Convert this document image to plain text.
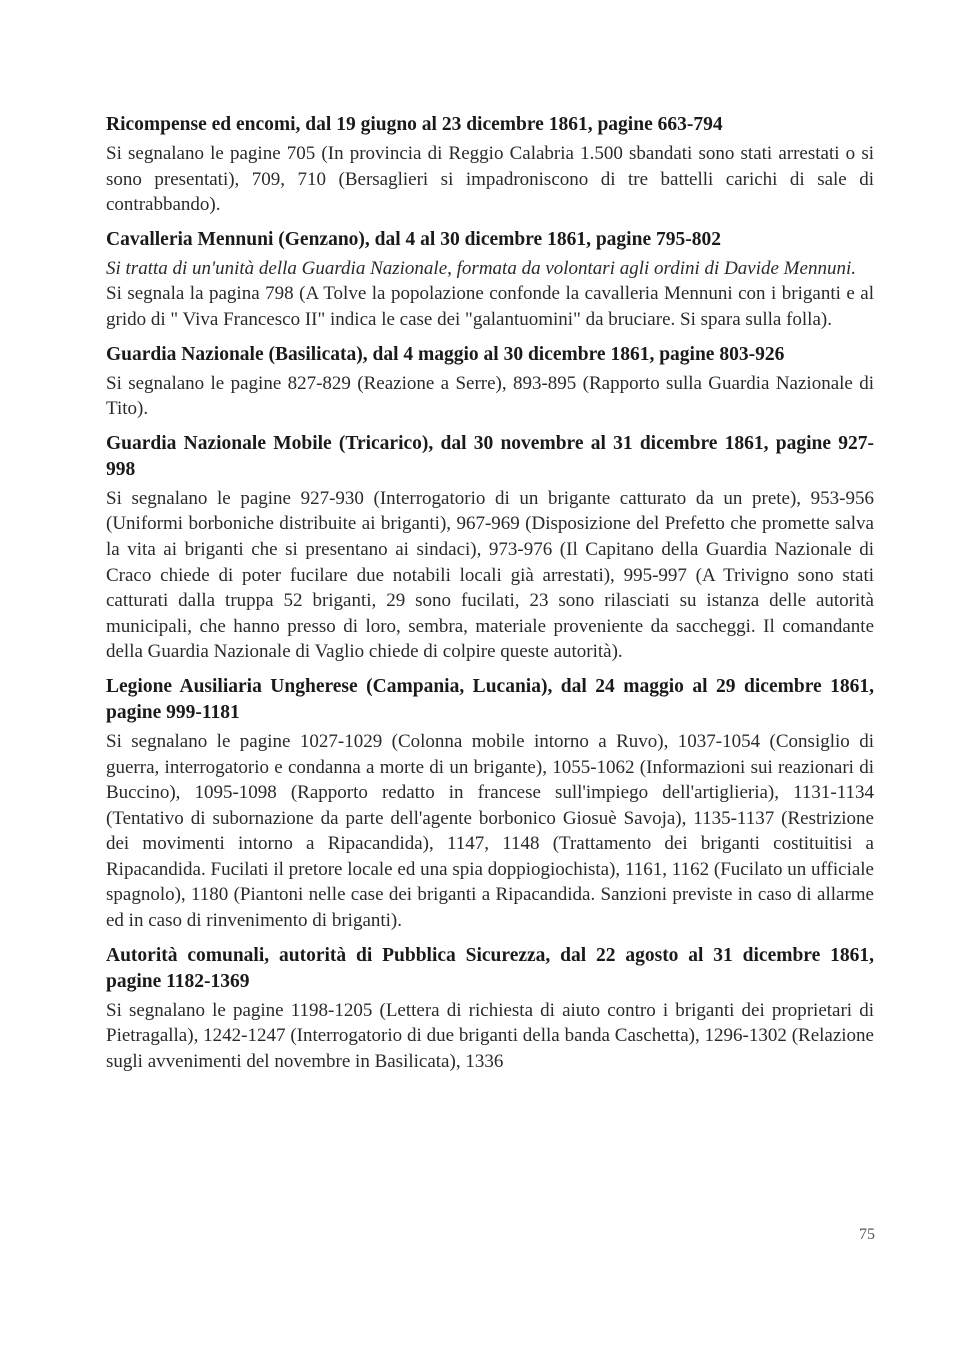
Ricompense ed encomi, dal 19 giugno al 23 dicembre 1861, pagine 663-794

Si segnalano le pagine 705 (In provincia di Reggio Calabria 1.500 sbandati sono stati arrestati o si sono presentati), 709, 710 (Bersaglieri si impadroniscono di tre battelli carichi di sale di contrabbando).

Cavalleria Mennuni (Genzano), dal 4 al 30 dicembre 1861, pagine 795-802

Si tratta di un'unità della Guardia Nazionale, formata da volontari agli ordini di Davide Mennuni.

Si segnala la pagina 798 (A Tolve la popolazione confonde la cavalleria Mennuni con i briganti e al grido di " Viva Francesco II" indica le case dei "galantuomini" da bruciare. Si spara sulla folla).

Guardia Nazionale (Basilicata), dal 4 maggio al 30 dicembre 1861, pagine 803-926

Si segnalano le pagine 827-829 (Reazione a Serre), 893-895 (Rapporto sulla Guardia Nazionale di Tito).

Guardia Nazionale Mobile (Tricarico), dal 30 novembre al 31 dicembre 1861, pagine 927-998

Si segnalano le pagine 927-930 (Interrogatorio di un brigante catturato da un prete), 953-956 (Uniformi borboniche distribuite ai briganti), 967-969 (Disposizione del Prefetto che promette salva la vita ai briganti che si presentano ai sindaci), 973-976 (Il Capitano della Guardia Nazionale di Craco chiede di poter fucilare due notabili locali già arrestati), 995-997 (A Trivigno sono stati catturati dalla truppa 52 briganti, 29 sono fucilati, 23 sono rilasciati su istanza delle autorità municipali, che hanno presso di loro, sembra, materiale proveniente da saccheggi. Il comandante della Guardia Nazionale di Vaglio chiede di colpire queste autorità).

Legione Ausiliaria Ungherese (Campania, Lucania), dal 24 maggio al 29 dicembre 1861, pagine 999-1181

Si segnalano le pagine 1027-1029 (Colonna mobile intorno a Ruvo), 1037-1054 (Consiglio di guerra, interrogatorio e condanna a morte di un brigante), 1055-1062 (Informazioni sui reazionari di Buccino), 1095-1098 (Rapporto redatto in francese sull'impiego dell'artiglieria), 1131-1134 (Tentativo di subornazione da parte dell'agente borbonico Giosuè Savoja), 1135-1137 (Restrizione dei movimenti intorno a Ripacandida), 1147, 1148 (Trattamento dei briganti costituitisi a Ripacandida. Fucilati il pretore locale ed una spia doppiogiochista), 1161, 1162 (Fucilato un ufficiale spagnolo), 1180 (Piantoni nelle case dei briganti a Ripacandida. Sanzioni previste in caso di allarme ed in caso di rinvenimento di briganti).

Autorità comunali, autorità di Pubblica Sicurezza, dal 22 agosto al 31 dicembre 1861, pagine 1182-1369

Si segnalano le pagine 1198-1205 (Lettera di richiesta di aiuto contro i briganti dei proprietari di Pietragalla), 1242-1247 (Interrogatorio di due briganti della banda Caschetta), 1296-1302 (Relazione sugli avvenimenti del novembre in Basilicata), 1336

75
